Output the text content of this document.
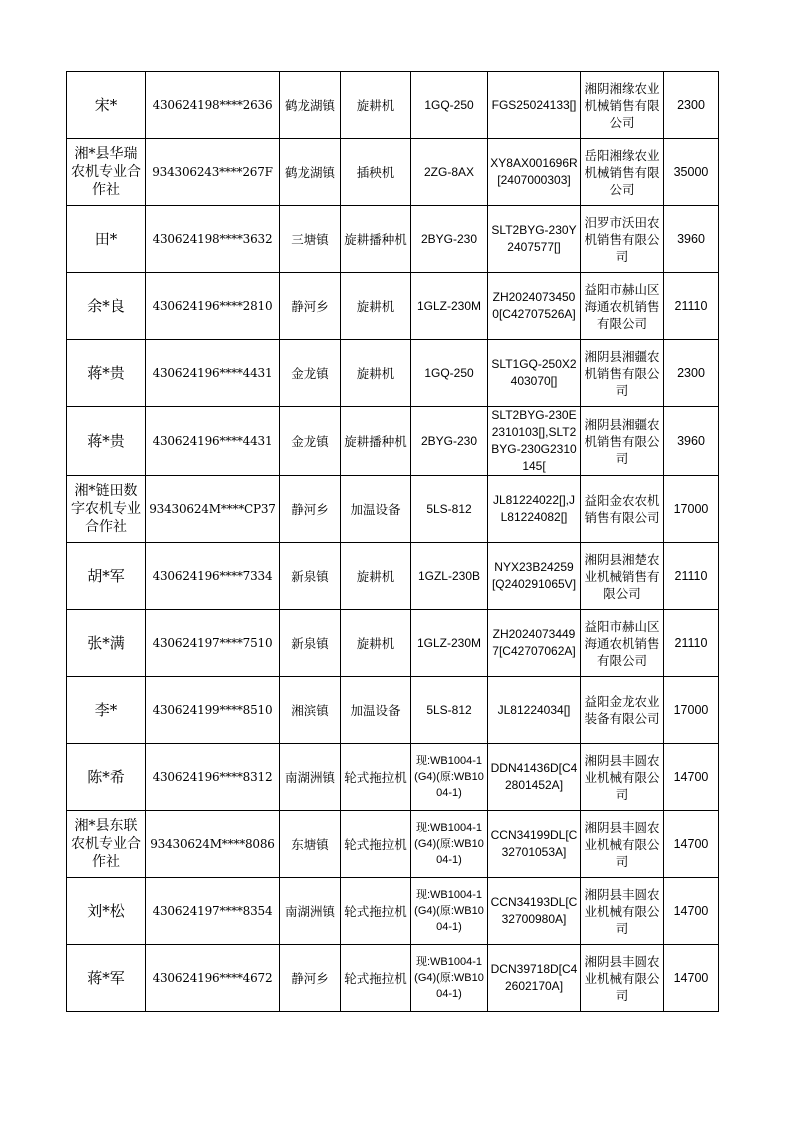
宋*	430624198****2636	鹤龙湖镇	旋耕机	1GQ-250	FGS25024133[]	湘阴湘缘农业机械销售有限公司	2300
湘*县华瑞农机专业合作社	934306243****267F	鹤龙湖镇	插秧机	2ZG-8AX	XY8AX001696R[2407000303]	岳阳湘缘农业机械销售有限公司	35000
田*	430624198****3632	三塘镇	旋耕播种机	2BYG-230	SLT2BYG-230Y2407577[]	汨罗市沃田农机销售有限公司	3960
余*良	430624196****2810	静河乡	旋耕机	1GLZ-230M	ZH20240734500[C42707526A]	益阳市赫山区海通农机销售有限公司	21110
蒋*贵	430624196****4431	金龙镇	旋耕机	1GQ-250	SLT1GQ-250X2403070[]	湘阴县湘疆农机销售有限公司	2300
蒋*贵	430624196****4431	金龙镇	旋耕播种机	2BYG-230	SLT2BYG-230E2310103[],SLT2BYG-230G2310145[	湘阴县湘疆农机销售有限公司	3960
湘*链田数字农机专业合作社	93430624M****CP37	静河乡	加温设备	5LS-812	JL81224022[],JL81224082[]	益阳金农农机销售有限公司	17000
胡*军	430624196****7334	新泉镇	旋耕机	1GZL-230B	NYX23B24259[Q240291065V]	湘阴县湘楚农业机械销售有限公司	21110
张*满	430624197****7510	新泉镇	旋耕机	1GLZ-230M	ZH20240734497[C42707062A]	益阳市赫山区海通农机销售有限公司	21110
李*	430624199****8510	湘滨镇	加温设备	5LS-812	JL81224034[]	益阳金龙农业装备有限公司	17000
陈*希	430624196****8312	南湖洲镇	轮式拖拉机	现:WB1004-1(G4)(原:WB1004-1)	DDN41436D[C42801452A]	湘阴县丰圆农业机械有限公司	14700
湘*县东联农机专业合作社	93430624M****8086	东塘镇	轮式拖拉机	现:WB1004-1(G4)(原:WB1004-1)	CCN34199DL[C32701053A]	湘阴县丰圆农业机械有限公司	14700
刘*松	430624197****8354	南湖洲镇	轮式拖拉机	现:WB1004-1(G4)(原:WB1004-1)	CCN34193DL[C32700980A]	湘阴县丰圆农业机械有限公司	14700
蒋*军	430624196****4672	静河乡	轮式拖拉机	现:WB1004-1(G4)(原:WB1004-1)	DCN39718D[C42602170A]	湘阴县丰圆农业机械有限公司	14700
